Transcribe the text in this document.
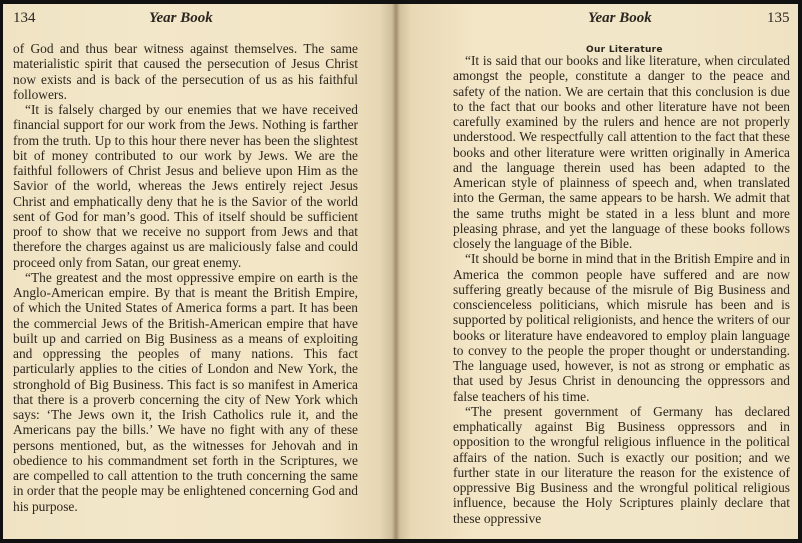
134	Year Book

of God and thus bear witness against themselves. The same materialistic spirit that caused the persecution of Jesus Christ now exists and is back of the persecution of us as his faithful followers.

“It is falsely charged by our enemies that we have received financial support for our work from the Jews. Nothing is farther from the truth. Up to this hour there never has been the slightest bit of money contributed to our work by Jews. We are the faithful followers of Christ Jesus and believe upon Him as the Savior of the world, whereas the Jews entirely reject Jesus Christ and emphatically deny that he is the Savior of the world sent of God for man’s good. This of itself should be sufficient proof to show that we receive no support from Jews and that therefore the charges against us are maliciously false and could proceed only from Satan, our great enemy.

“The greatest and the most oppressive empire on earth is the Anglo-American empire. By that is meant the British Empire, of which the United States of America forms a part. It has been the commercial Jews of the British-American empire that have built up and carried on Big Business as a means of exploiting and oppressing the peoples of many nations. This fact particularly applies to the cities of London and New York, the stronghold of Big Business. This fact is so manifest in America that there is a proverb concerning the city of New York which says: ‘The Jews own it, the Irish Catholics rule it, and the Americans pay the bills.’ We have no fight with any of these persons mentioned, but, as the witnesses for Jehovah and in obedience to his commandment set forth in the Scriptures, we are compelled to call attention to the truth concerning the same in order that the people may be enlightened concerning God and his purpose.

Year Book	135
Our Literature

“It is said that our books and like literature, when circulated amongst the people, constitute a danger to the peace and safety of the nation. We are certain that this conclusion is due to the fact that our books and other literature have not been carefully examined by the rulers and hence are not properly understood. We respectfully call attention to the fact that these books and other literature were written originally in America and the language therein used has been adapted to the American style of plainness of speech and, when translated into the German, the same appears to be harsh. We admit that the same truths might be stated in a less blunt and more pleasing phrase, and yet the language of these books follows closely the language of the Bible.

“It should be borne in mind that in the British Empire and in America the common people have suffered and are now suffering greatly because of the misrule of Big Business and conscienceless politicians, which misrule has been and is supported by political religionists, and hence the writers of our books or literature have endeavored to employ plain language to convey to the people the proper thought or understanding. The language used, however, is not as strong or emphatic as that used by Jesus Christ in denouncing the oppressors and false teachers of his time.

“The present government of Germany has declared emphatically against Big Business oppressors and in opposition to the wrongful religious influence in the political affairs of the nation. Such is exactly our position; and we further state in our literature the reason for the existence of oppressive Big Business and the wrongful political religious influence, because the Holy Scriptures plainly declare that these oppressive
